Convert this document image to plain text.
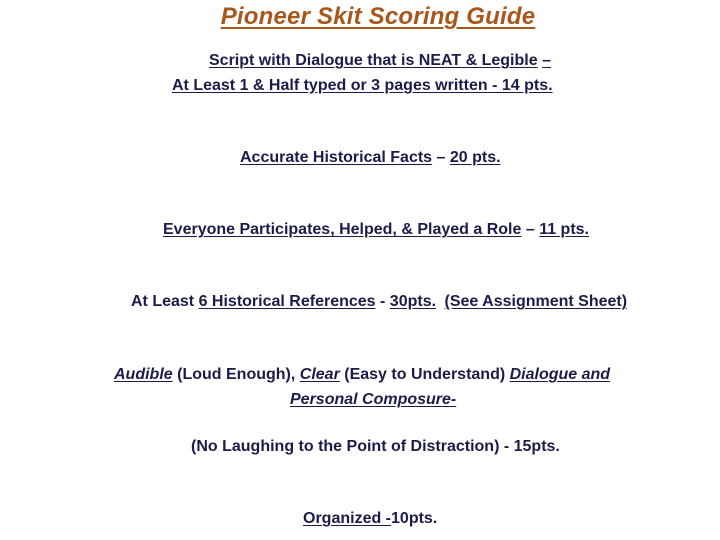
Pioneer Skit Scoring Guide
Script with Dialogue that is NEAT & Legible –
At Least 1 & Half typed or 3 pages written - 14 pts.
Accurate Historical Facts – 20 pts.
Everyone Participates, Helped, & Played a Role – 11 pts.
At Least 6 Historical References - 30pts. (See Assignment Sheet)
Audible (Loud Enough), Clear (Easy to Understand) Dialogue and
Personal Composure-
(No Laughing to the Point of Distraction) - 15pts.
Organized -10pts.
